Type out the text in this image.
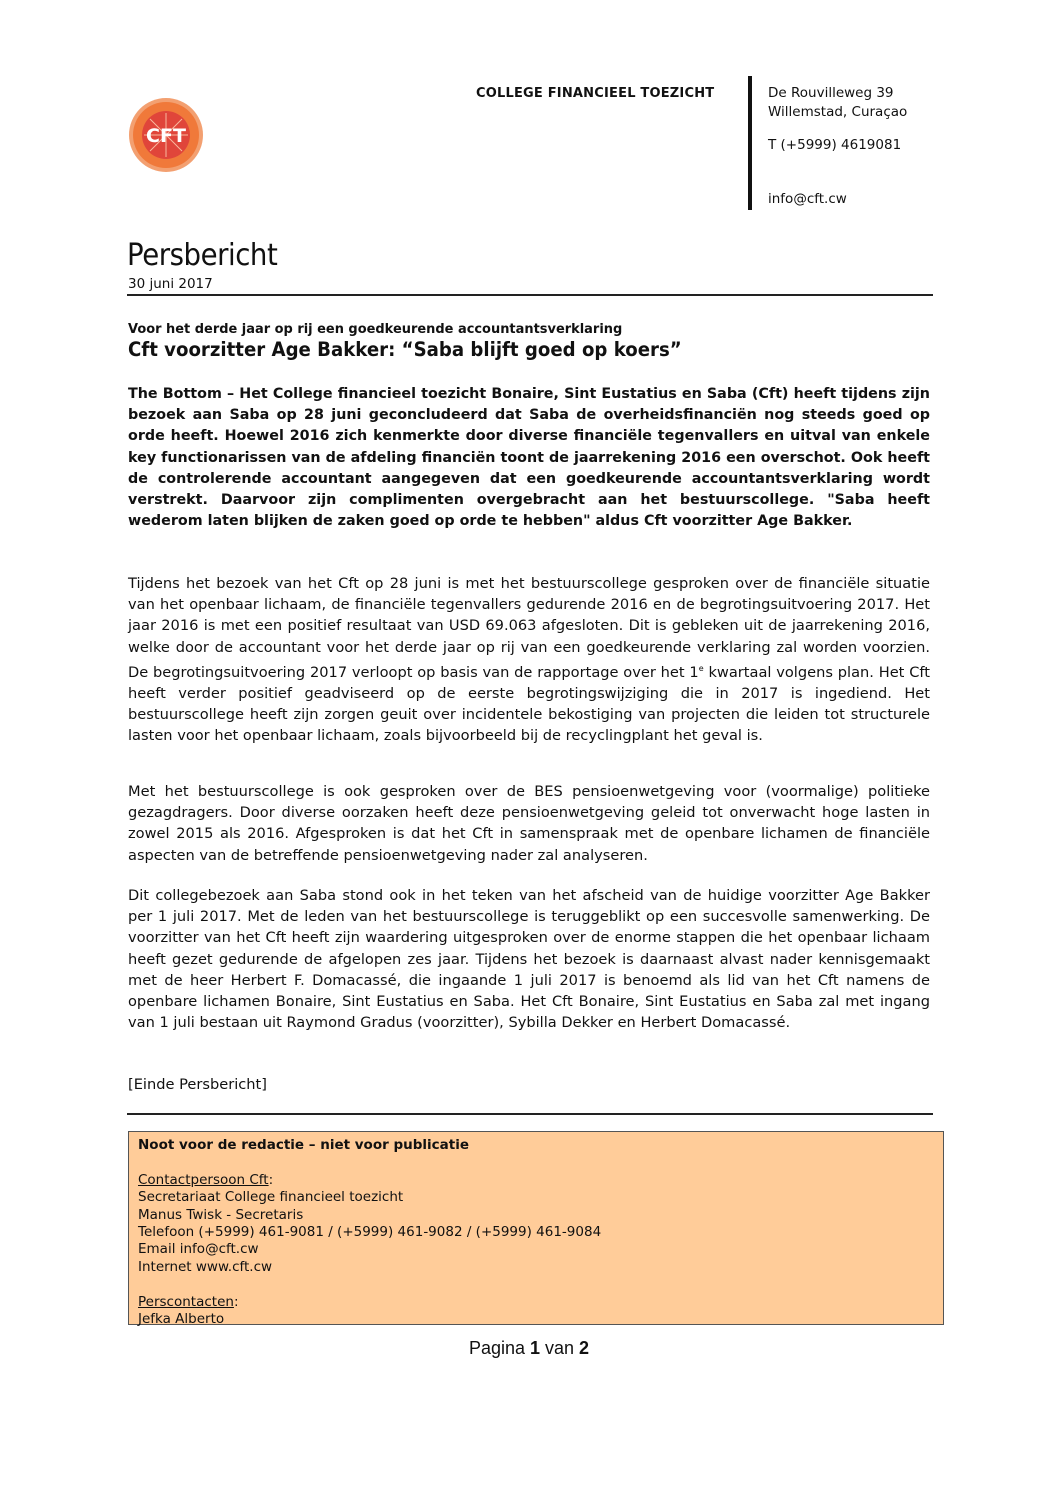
CFT
COLLEGE FINANCIEEL TOEZICHT	De Rouvilleweg 39
Willemstad, Curaçao
T (+5999) 4619081
info@cft.cw
Persbericht
30 juni 2017
Voor het derde jaar op rij een goedkeurende accountantsverklaring
Cft voorzitter Age Bakker: “Saba blijft goed op koers”

The Bottom – Het College financieel toezicht Bonaire, Sint Eustatius en Saba (Cft) heeft tijdens zijn bezoek aan Saba op 28 juni geconcludeerd dat Saba de overheidsfinanciën nog steeds goed op orde heeft. Hoewel 2016 zich kenmerkte door diverse financiële tegenvallers en uitval van enkele key functionarissen van de afdeling financiën toont de jaarrekening 2016 een overschot. Ook heeft de controlerende accountant aangegeven dat een goedkeurende accountantsverklaring wordt verstrekt. Daarvoor zijn complimenten overgebracht aan het bestuurscollege. "Saba heeft wederom laten blijken de zaken goed op orde te hebben" aldus Cft voorzitter Age Bakker.

Tijdens het bezoek van het Cft op 28 juni is met het bestuurscollege gesproken over de financiële situatie van het openbaar lichaam, de financiële tegenvallers gedurende 2016 en de begrotingsuitvoering 2017. Het jaar 2016 is met een positief resultaat van USD 69.063 afgesloten. Dit is gebleken uit de jaarrekening 2016, welke door de accountant voor het derde jaar op rij van een goedkeurende verklaring zal worden voorzien. De begrotingsuitvoering 2017 verloopt op basis van de rapportage over het 1e kwartaal volgens plan. Het Cft heeft verder positief geadviseerd op de eerste begrotingswijziging die in 2017 is ingediend. Het bestuurscollege heeft zijn zorgen geuit over incidentele bekostiging van projecten die leiden tot structurele lasten voor het openbaar lichaam, zoals bijvoorbeeld bij de recyclingplant het geval is.

Met het bestuurscollege is ook gesproken over de BES pensioenwetgeving voor (voormalige) politieke gezagdragers. Door diverse oorzaken heeft deze pensioenwetgeving geleid tot onverwacht hoge lasten in zowel 2015 als 2016. Afgesproken is dat het Cft in samenspraak met de openbare lichamen de financiële aspecten van de betreffende pensioenwetgeving nader zal analyseren.

Dit collegebezoek aan Saba stond ook in het teken van het afscheid van de huidige voorzitter Age Bakker per 1 juli 2017. Met de leden van het bestuurscollege is teruggeblikt op een succesvolle samenwerking. De voorzitter van het Cft heeft zijn waardering uitgesproken over de enorme stappen die het openbaar lichaam heeft gezet gedurende de afgelopen zes jaar. Tijdens het bezoek is daarnaast alvast nader kennisgemaakt met de heer Herbert F. Domacassé, die ingaande 1 juli 2017 is benoemd als lid van het Cft namens de openbare lichamen Bonaire, Sint Eustatius en Saba. Het Cft Bonaire, Sint Eustatius en Saba zal met ingang van 1 juli bestaan uit Raymond Gradus (voorzitter), Sybilla Dekker en Herbert Domacassé.

[Einde Persbericht]

Noot voor de redactie – niet voor publicatie
Contactpersoon Cft:
Secretariaat College financieel toezicht
Manus Twisk - Secretaris
Telefoon (+5999) 461-9081 / (+5999) 461-9082 / (+5999) 461-9084
Email info@cft.cw
Internet www.cft.cw
Perscontacten:
Jefka Alberto
Pagina 1 van 2
